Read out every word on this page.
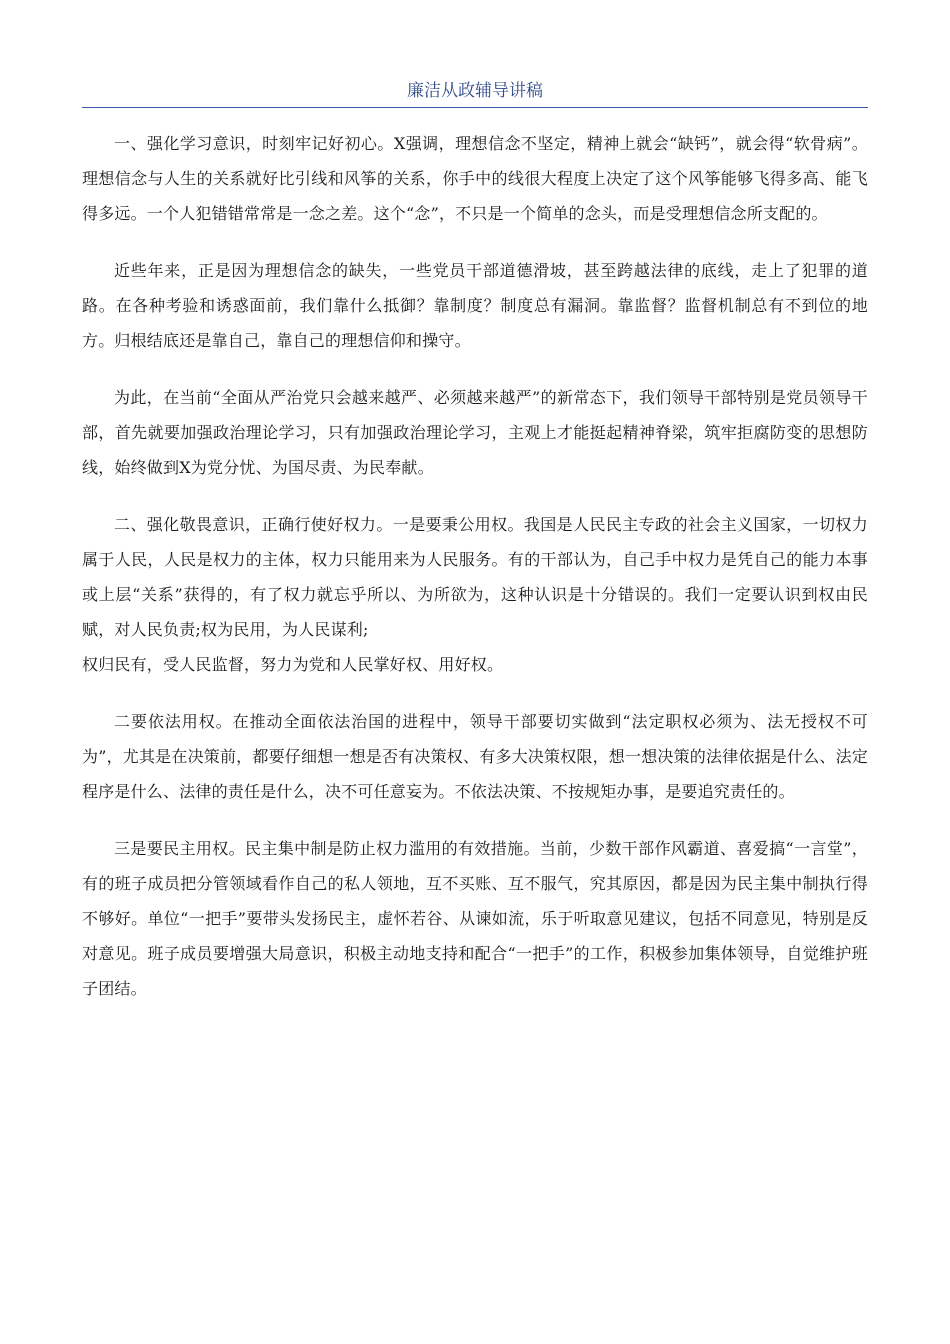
廉洁从政辅导讲稿

一、强化学习意识，时刻牢记好初心。X强调，理想信念不坚定，精神上就会“缺钙”，就会得“软骨病”。理想信念与人生的关系就好比引线和风筝的关系，你手中的线很大程度上决定了这个风筝能够飞得多高、能飞得多远。一个人犯错错常常是一念之差。这个“念”，不只是一个简单的念头，而是受理想信念所支配的。

近些年来，正是因为理想信念的缺失，一些党员干部道德滑坡，甚至跨越法律的底线，走上了犯罪的道路。在各种考验和诱惑面前，我们靠什么抵御？靠制度？制度总有漏洞。靠监督？监督机制总有不到位的地方。归根结底还是靠自己，靠自己的理想信仰和操守。

为此，在当前“全面从严治党只会越来越严、必须越来越严”的新常态下，我们领导干部特别是党员领导干部，首先就要加强政治理论学习，只有加强政治理论学习，主观上才能挺起精神脊梁，筑牢拒腐防变的思想防线，始终做到X为党分忧、为国尽责、为民奉献。

二、强化敬畏意识，正确行使好权力。一是要秉公用权。我国是人民民主专政的社会主义国家，一切权力属于人民，人民是权力的主体，权力只能用来为人民服务。有的干部认为，自己手中权力是凭自己的能力本事或上层“关系”获得的，有了权力就忘乎所以、为所欲为，这种认识是十分错误的。我们一定要认识到权由民赋，对人民负责;权为民用，为人民谋利;

权归民有，受人民监督，努力为党和人民掌好权、用好权。

二要依法用权。在推动全面依法治国的进程中，领导干部要切实做到“法定职权必须为、法无授权不可为”，尤其是在决策前，都要仔细想一想是否有决策权、有多大决策权限，想一想决策的法律依据是什么、法定程序是什么、法律的责任是什么，决不可任意妄为。不依法决策、不按规矩办事，是要追究责任的。

三是要民主用权。民主集中制是防止权力滥用的有效措施。当前，少数干部作风霸道、喜爱搞“一言堂”，有的班子成员把分管领域看作自己的私人领地，互不买账、互不服气，究其原因，都是因为民主集中制执行得不够好。单位“一把手”要带头发扬民主，虚怀若谷、从谏如流，乐于听取意见建议，包括不同意见，特别是反对意见。班子成员要增强大局意识，积极主动地支持和配合“一把手”的工作，积极参加集体领导，自觉维护班子团结。
